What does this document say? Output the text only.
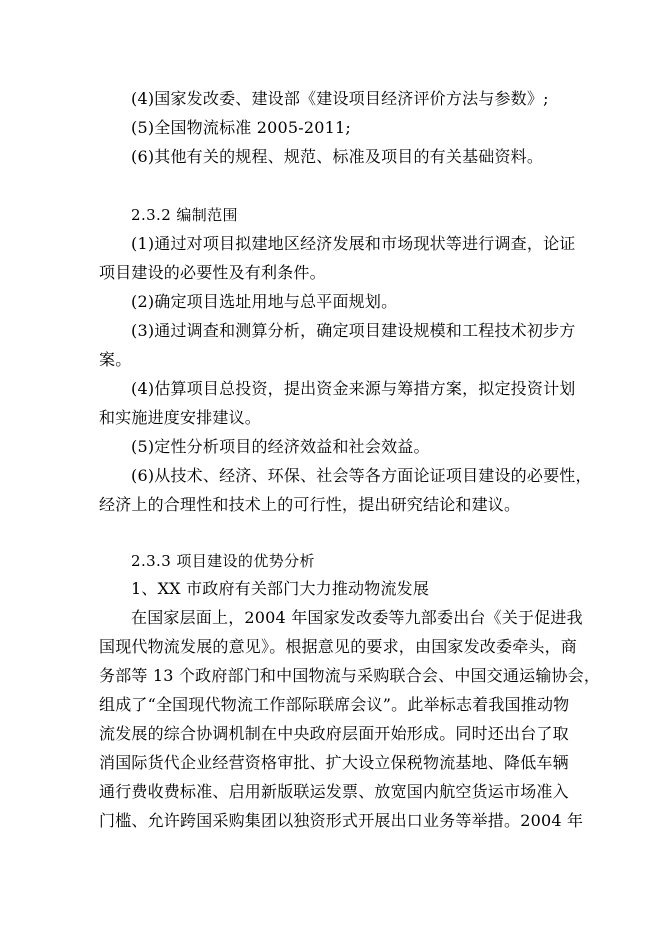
(4)国家发改委、建设部《建设项目经济评价方法与参数》;
(5)全国物流标准 2005-2011;
(6)其他有关的规程、规范、标准及项目的有关基础资料。
2.3.2 编制范围
(1)通过对项目拟建地区经济发展和市场现状等进行调查，论证
项目建设的必要性及有利条件。
(2)确定项目选址用地与总平面规划。
(3)通过调查和测算分析，确定项目建设规模和工程技术初步方
案。
(4)估算项目总投资，提出资金来源与筹措方案，拟定投资计划
和实施进度安排建议。
(5)定性分析项目的经济效益和社会效益。
(6)从技术、经济、环保、社会等各方面论证项目建设的必要性，
经济上的合理性和技术上的可行性，提出研究结论和建议。
2.3.3 项目建设的优势分析
1、XX 市政府有关部门大力推动物流发展
在国家层面上，2004 年国家发改委等九部委出台《关于促进我
国现代物流发展的意见》。根据意见的要求，由国家发改委牵头，商
务部等 13 个政府部门和中国物流与采购联合会、中国交通运输协会，
组成了“全国现代物流工作部际联席会议”。此举标志着我国推动物
流发展的综合协调机制在中央政府层面开始形成。同时还出台了取
消国际货代企业经营资格审批、扩大设立保税物流基地、降低车辆
通行费收费标准、启用新版联运发票、放宽国内航空货运市场准入
门槛、允许跨国采购集团以独资形式开展出口业务等举措。2004 年
